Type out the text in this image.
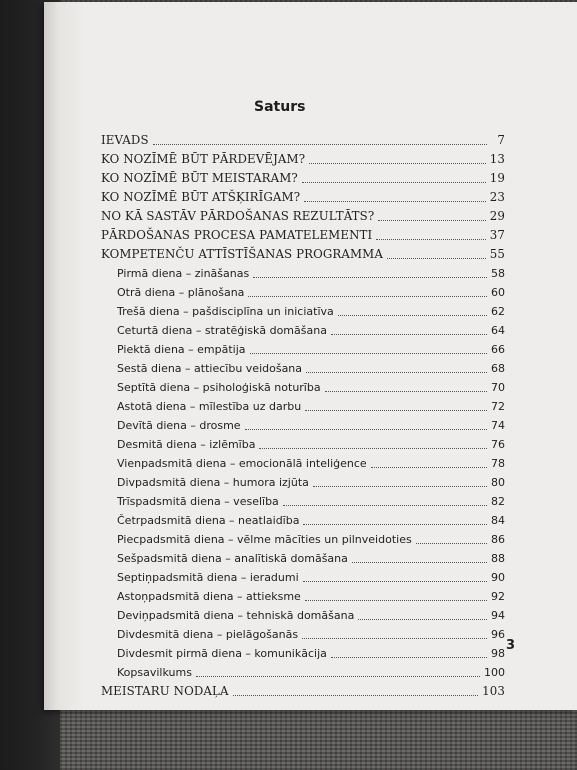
Saturs
IEVADS	7
KO NOZĪMĒ BŪT PĀRDEVĒJAM?	13
KO NOZĪMĒ BŪT MEISTARAM?	19
KO NOZĪMĒ BŪT ATŠĶIRĪGAM?	23
NO KĀ SASTĀV PĀRDOŠANAS REZULTĀTS?	29
PĀRDOŠANAS PROCESA PAMATELEMENTI	37
KOMPETENČU ATTĪSTĪŠANAS PROGRAMMA	55
Pirmā diena – zināšanas	58
Otrā diena – plānošana	60
Trešā diena – pašdisciplīna un iniciatīva	62
Ceturtā diena – stratēģiskā domāšana	64
Piektā diena – empātija	66
Sestā diena – attiecību veidošana	68
Septītā diena – psiholoģiskā noturība	70
Astotā diena – mīlestība uz darbu	72
Devītā diena – drosme	74
Desmitā diena – izlēmība	76
Vienpadsmitā diena – emocionālā inteliģence	78
Divpadsmitā diena – humora izjūta	80
Trīspadsmitā diena – veselība	82
Četrpadsmitā diena – neatlaidība	84
Piecpadsmitā diena – vēlme mācīties un pilnveidoties	86
Sešpadsmitā diena – analītiskā domāšana	88
Septiņpadsmitā diena – ieradumi	90
Astoņpadsmitā diena – attieksme	92
Deviņpadsmitā diena – tehniskā domāšana	94
Divdesmitā diena – pielāgošanās	96
Divdesmit pirmā diena – komunikācija	98
Kopsavilkums	100
MEISTARU NODAĻA	103
3
